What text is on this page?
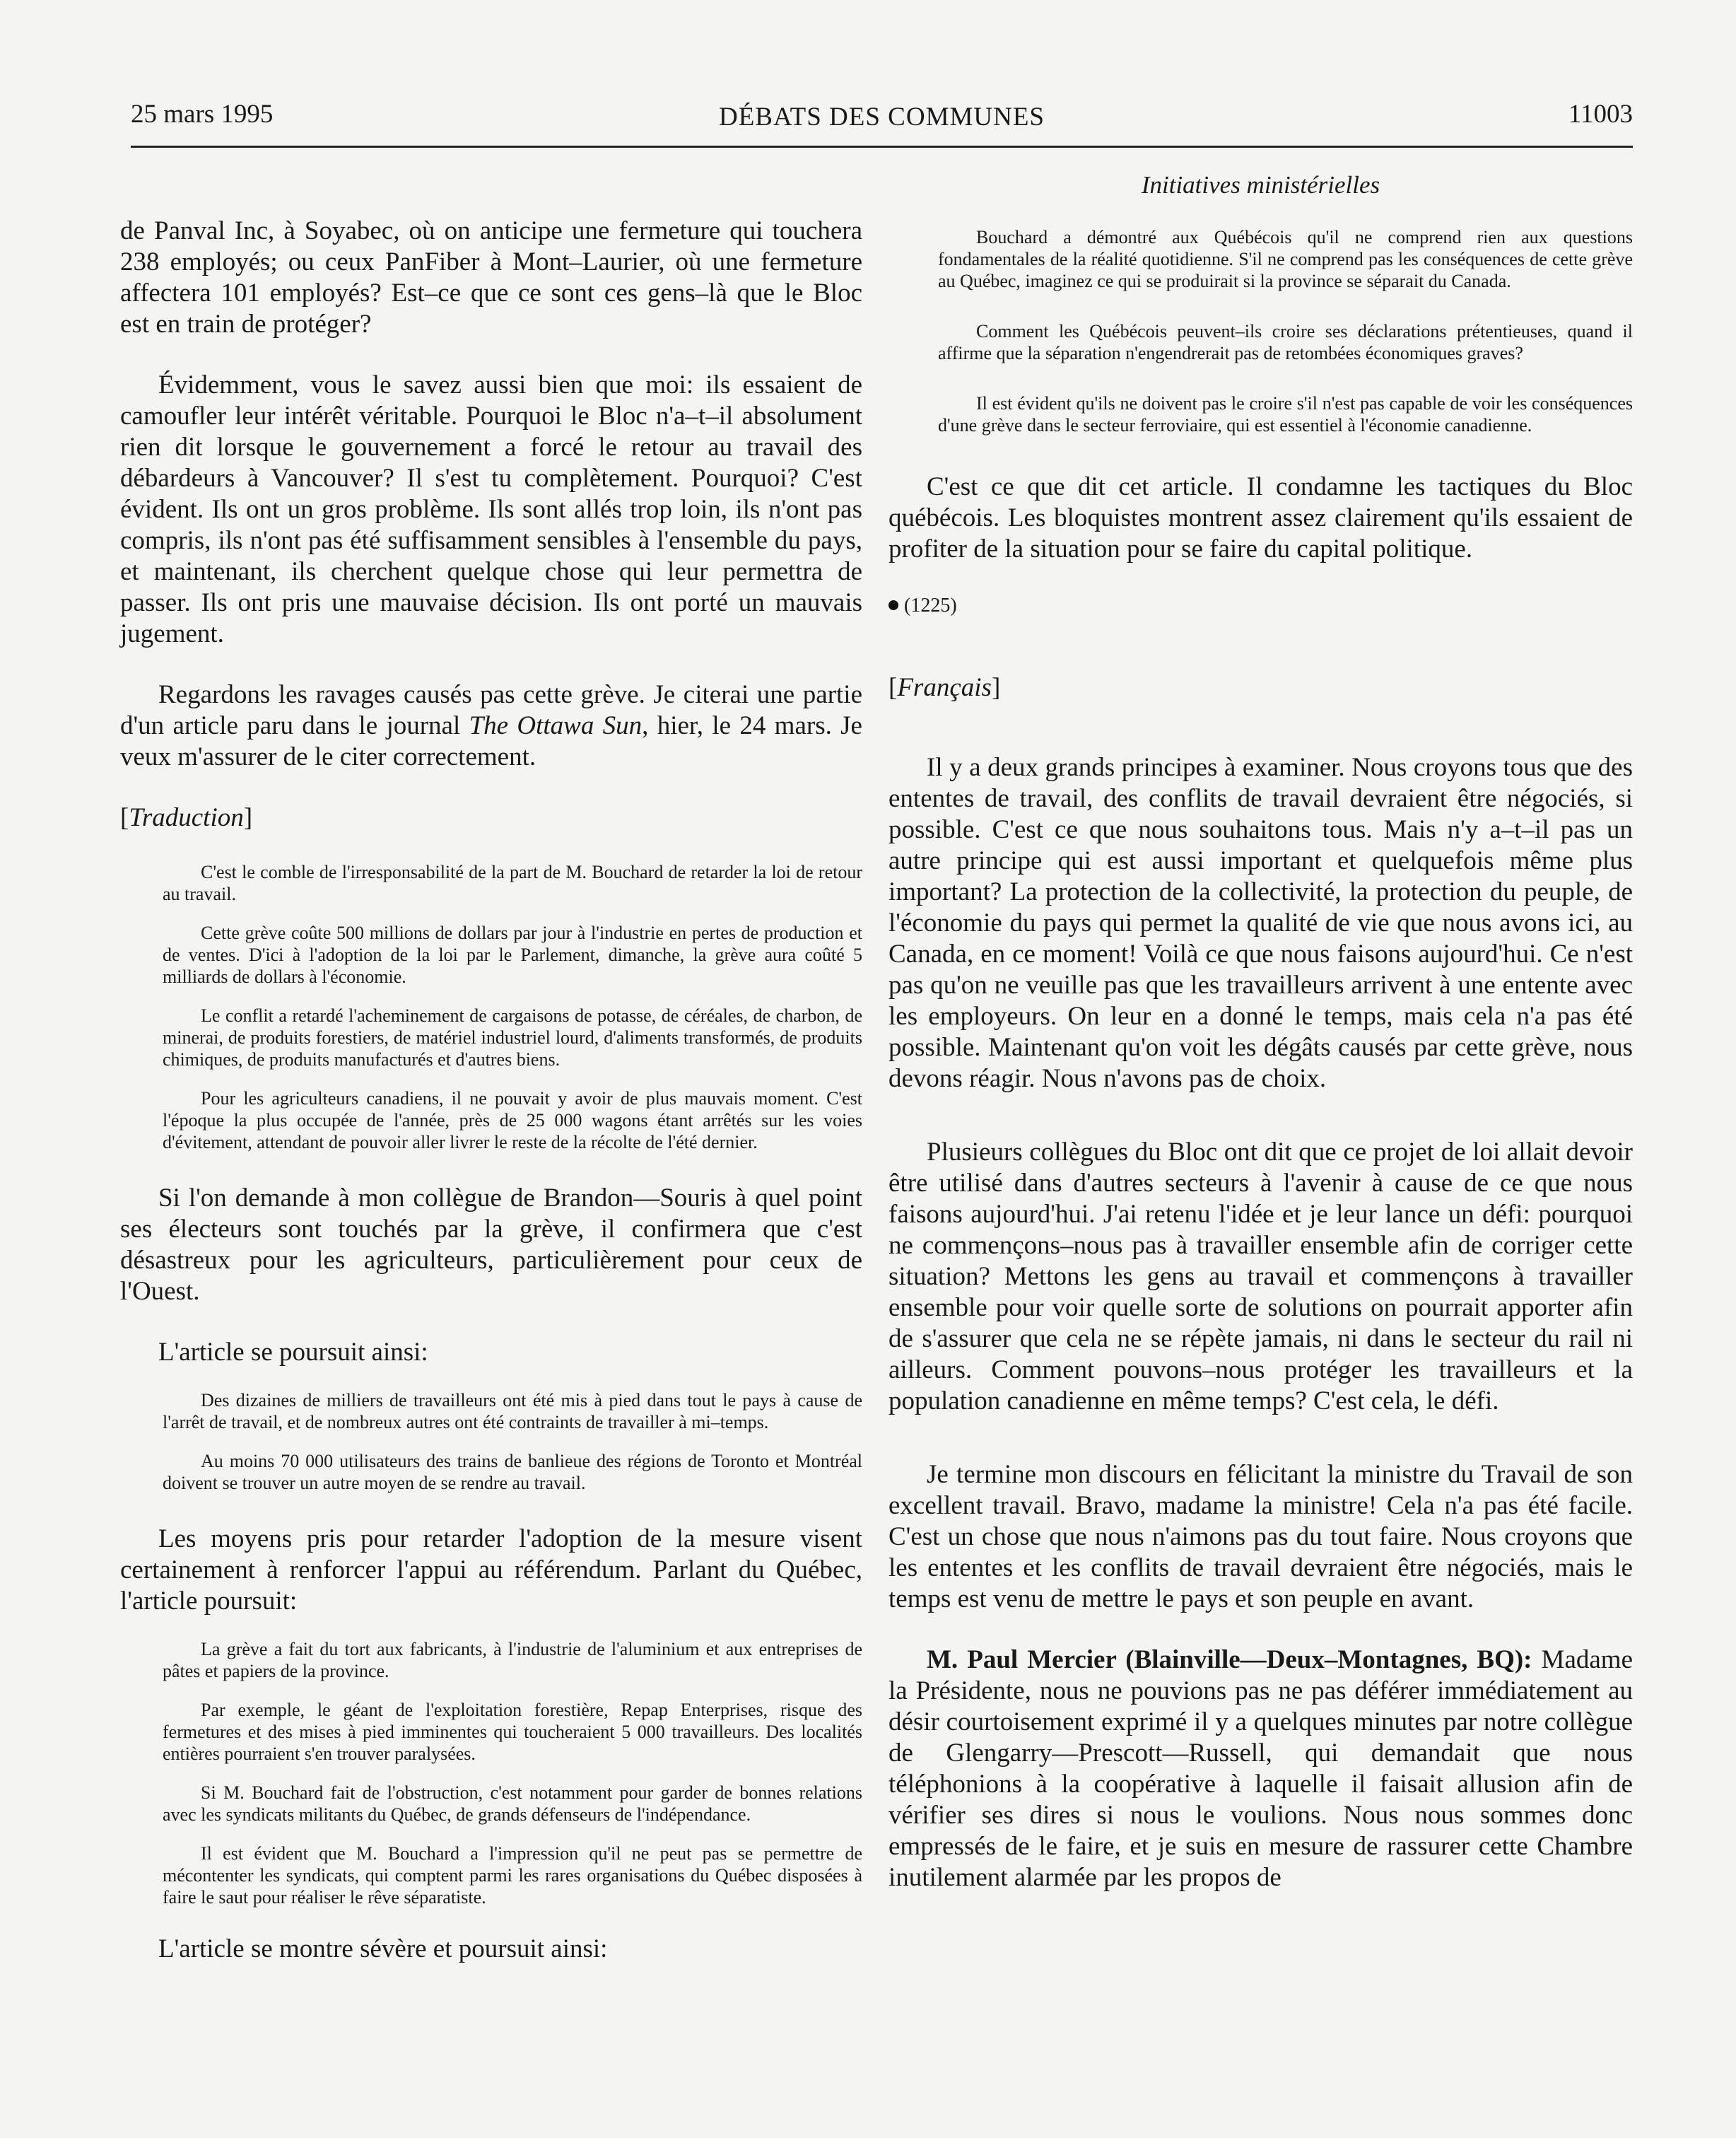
25 mars 1995	DÉBATS DES COMMUNES	11003

de Panval Inc, à Soyabec, où on anticipe une fermeture qui touchera 238 employés; ou ceux PanFiber à Mont–Laurier, où une fermeture affectera 101 employés? Est–ce que ce sont ces gens–là que le Bloc est en train de protéger?

Évidemment, vous le savez aussi bien que moi: ils essaient de camoufler leur intérêt véritable. Pourquoi le Bloc n'a–t–il absolument rien dit lorsque le gouvernement a forcé le retour au travail des débardeurs à Vancouver? Il s'est tu complètement. Pourquoi? C'est évident. Ils ont un gros problème. Ils sont allés trop loin, ils n'ont pas compris, ils n'ont pas été suffisamment sensibles à l'ensemble du pays, et maintenant, ils cherchent quelque chose qui leur permettra de passer. Ils ont pris une mauvaise décision. Ils ont porté un mauvais jugement.

Regardons les ravages causés pas cette grève. Je citerai une partie d'un article paru dans le journal The Ottawa Sun, hier, le 24 mars. Je veux m'assurer de le citer correctement.

[Traduction]

C'est le comble de l'irresponsabilité de la part de M. Bouchard de retarder la loi de retour au travail.

Cette grève coûte 500 millions de dollars par jour à l'industrie en pertes de production et de ventes. D'ici à l'adoption de la loi par le Parlement, dimanche, la grève aura coûté 5 milliards de dollars à l'économie.

Le conflit a retardé l'acheminement de cargaisons de potasse, de céréales, de charbon, de minerai, de produits forestiers, de matériel industriel lourd, d'aliments transformés, de produits chimiques, de produits manufacturés et d'autres biens.

Pour les agriculteurs canadiens, il ne pouvait y avoir de plus mauvais moment. C'est l'époque la plus occupée de l'année, près de 25 000 wagons étant arrêtés sur les voies d'évitement, attendant de pouvoir aller livrer le reste de la récolte de l'été dernier.

Si l'on demande à mon collègue de Brandon—Souris à quel point ses électeurs sont touchés par la grève, il confirmera que c'est désastreux pour les agriculteurs, particulièrement pour ceux de l'Ouest.

L'article se poursuit ainsi:

Des dizaines de milliers de travailleurs ont été mis à pied dans tout le pays à cause de l'arrêt de travail, et de nombreux autres ont été contraints de travailler à mi–temps.

Au moins 70 000 utilisateurs des trains de banlieue des régions de Toronto et Montréal doivent se trouver un autre moyen de se rendre au travail.

Les moyens pris pour retarder l'adoption de la mesure visent certainement à renforcer l'appui au référendum. Parlant du Québec, l'article poursuit:

La grève a fait du tort aux fabricants, à l'industrie de l'aluminium et aux entreprises de pâtes et papiers de la province.

Par exemple, le géant de l'exploitation forestière, Repap Enterprises, risque des fermetures et des mises à pied imminentes qui toucheraient 5 000 travailleurs. Des localités entières pourraient s'en trouver paralysées.

Si M. Bouchard fait de l'obstruction, c'est notamment pour garder de bonnes relations avec les syndicats militants du Québec, de grands défenseurs de l'indépendance.

Il est évident que M. Bouchard a l'impression qu'il ne peut pas se permettre de mécontenter les syndicats, qui comptent parmi les rares organisations du Québec disposées à faire le saut pour réaliser le rêve séparatiste.

L'article se montre sévère et poursuit ainsi:

Initiatives ministérielles

Bouchard a démontré aux Québécois qu'il ne comprend rien aux questions fondamentales de la réalité quotidienne. S'il ne comprend pas les conséquences de cette grève au Québec, imaginez ce qui se produirait si la province se séparait du Canada.

Comment les Québécois peuvent–ils croire ses déclarations prétentieuses, quand il affirme que la séparation n'engendrerait pas de retombées économiques graves?

Il est évident qu'ils ne doivent pas le croire s'il n'est pas capable de voir les conséquences d'une grève dans le secteur ferroviaire, qui est essentiel à l'économie canadienne.

C'est ce que dit cet article. Il condamne les tactiques du Bloc québécois. Les bloquistes montrent assez clairement qu'ils essaient de profiter de la situation pour se faire du capital politique.

(1225)

[Français]

Il y a deux grands principes à examiner. Nous croyons tous que des ententes de travail, des conflits de travail devraient être négociés, si possible. C'est ce que nous souhaitons tous. Mais n'y a–t–il pas un autre principe qui est aussi important et quelquefois même plus important? La protection de la collectivité, la protection du peuple, de l'économie du pays qui permet la qualité de vie que nous avons ici, au Canada, en ce moment! Voilà ce que nous faisons aujourd'hui. Ce n'est pas qu'on ne veuille pas que les travailleurs arrivent à une entente avec les employeurs. On leur en a donné le temps, mais cela n'a pas été possible. Maintenant qu'on voit les dégâts causés par cette grève, nous devons réagir. Nous n'avons pas de choix.

Plusieurs collègues du Bloc ont dit que ce projet de loi allait devoir être utilisé dans d'autres secteurs à l'avenir à cause de ce que nous faisons aujourd'hui. J'ai retenu l'idée et je leur lance un défi: pourquoi ne commençons–nous pas à travailler ensemble afin de corriger cette situation? Mettons les gens au travail et commençons à travailler ensemble pour voir quelle sorte de solutions on pourrait apporter afin de s'assurer que cela ne se répète jamais, ni dans le secteur du rail ni ailleurs. Comment pouvons–nous protéger les travailleurs et la population canadienne en même temps? C'est cela, le défi.

Je termine mon discours en félicitant la ministre du Travail de son excellent travail. Bravo, madame la ministre! Cela n'a pas été facile. C'est un chose que nous n'aimons pas du tout faire. Nous croyons que les ententes et les conflits de travail devraient être négociés, mais le temps est venu de mettre le pays et son peuple en avant.

M. Paul Mercier (Blainville—Deux–Montagnes, BQ): Madame la Présidente, nous ne pouvions pas ne pas déférer immédiatement au désir courtoisement exprimé il y a quelques minutes par notre collègue de Glengarry—Prescott—Russell, qui demandait que nous téléphonions à la coopérative à laquelle il faisait allusion afin de vérifier ses dires si nous le voulions. Nous nous sommes donc empressés de le faire, et je suis en mesure de rassurer cette Chambre inutilement alarmée par les propos de
